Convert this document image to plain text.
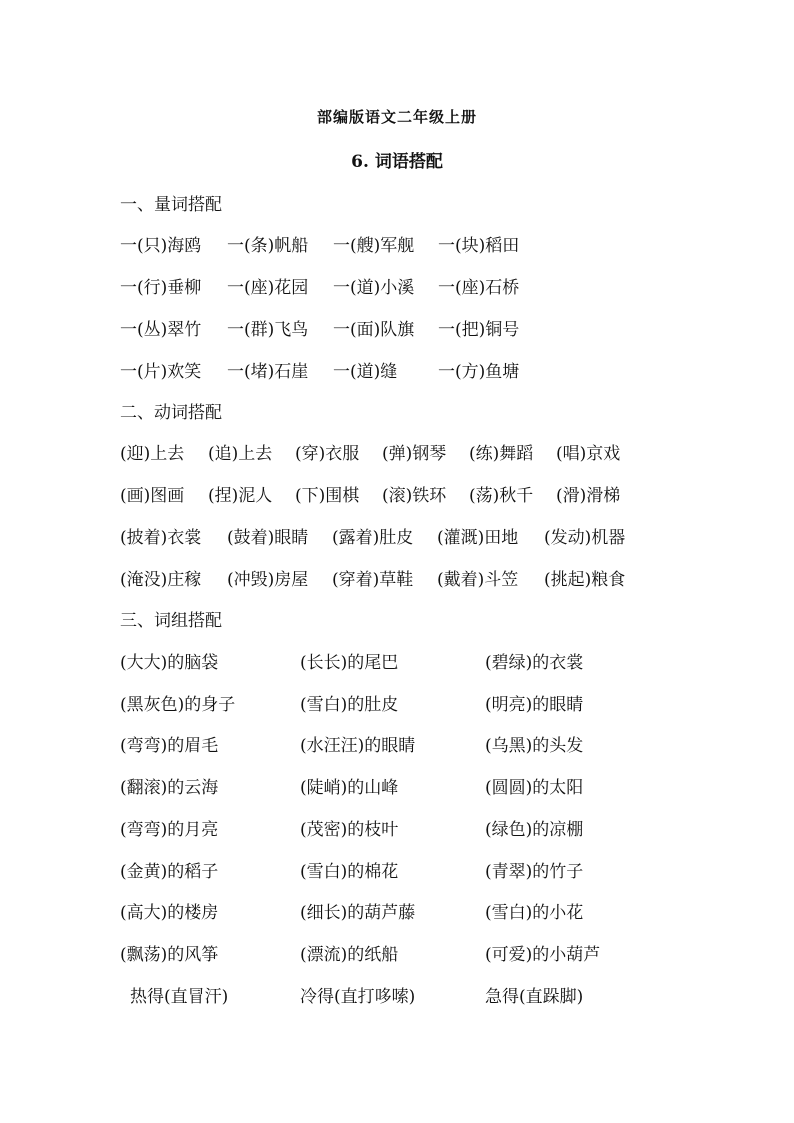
部编版语文二年级上册
6. 词语搭配
一、量词搭配
一(只)海鸥 一(条)帆船 一(艘)军舰 一(块)稻田
一(行)垂柳 一(座)花园 一(道)小溪 一(座)石桥
一(丛)翠竹 一(群)飞鸟 一(面)队旗 一(把)铜号
一(片)欢笑 一(堵)石崖 一(道)缝 一(方)鱼塘
二、动词搭配
(迎)上去 (追)上去 (穿)衣服 (弹)钢琴 (练)舞蹈 (唱)京戏
(画)图画 (捏)泥人 (下)围棋 (滚)铁环 (荡)秋千 (滑)滑梯
(披着)衣裳 (鼓着)眼睛 (露着)肚皮 (灌溉)田地 (发动)机器
(淹没)庄稼 (冲毁)房屋 (穿着)草鞋 (戴着)斗笠 (挑起)粮食
三、词组搭配
(大大)的脑袋	(长长)的尾巴	(碧绿)的衣裳
(黑灰色)的身子	(雪白)的肚皮	(明亮)的眼睛
(弯弯)的眉毛	(水汪汪)的眼睛	(乌黑)的头发
(翻滚)的云海	(陡峭)的山峰	(圆圆)的太阳
(弯弯)的月亮	(茂密)的枝叶	(绿色)的凉棚
(金黄)的稻子	(雪白)的棉花	(青翠)的竹子
(高大)的楼房	(细长)的葫芦藤	(雪白)的小花
(飘荡)的风筝	(漂流)的纸船	(可爱)的小葫芦
热得(直冒汗)	冷得(直打哆嗦)	急得(直跺脚)
